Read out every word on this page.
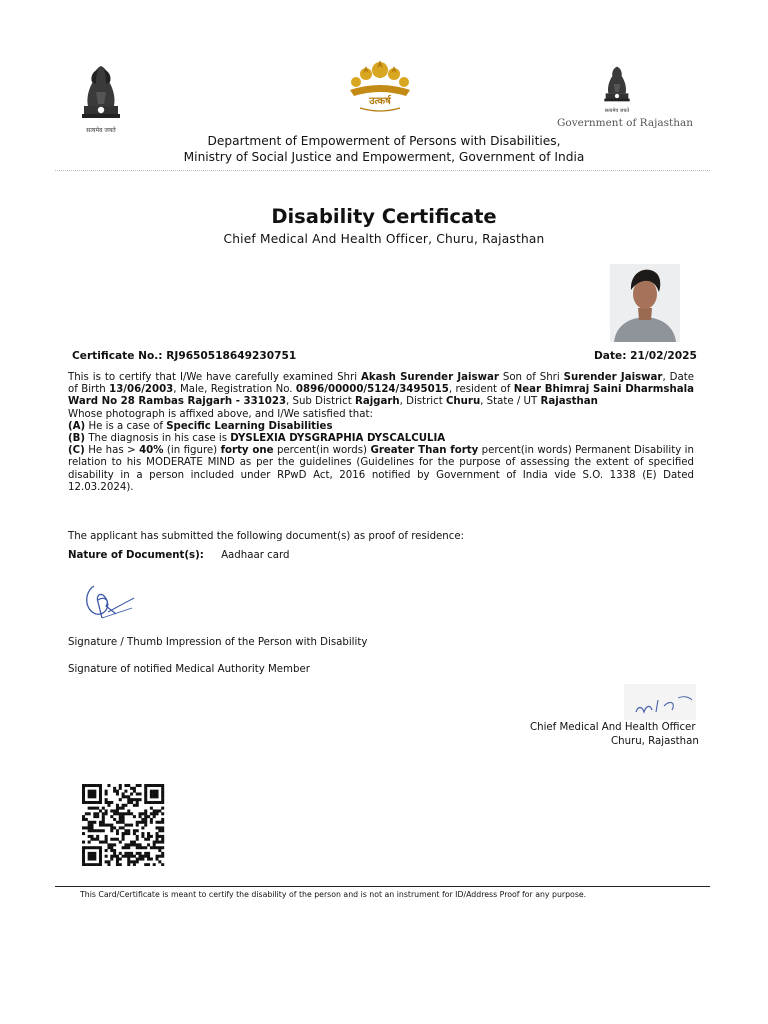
सत्यमेव जयते
उत्कर्ष
सत्यमेव जयते
Government of Rajasthan
Department of Empowerment of Persons with Disabilities,
Ministry of Social Justice and Empowerment, Government of India
Disability Certificate
Chief Medical And Health Officer, Churu, Rajasthan
Certificate No.: RJ9650518649230751	Date: 21/02/2025

This is to certify that I/We have carefully examined Shri Akash Surender Jaiswar Son of Shri Surender Jaiswar, Date of Birth 13/06/2003, Male, Registration No. 0896/00000/5124/3495015, resident of Near Bhimraj Saini Dharmshala Ward No 28 Rambas Rajgarh - 331023, Sub District Rajgarh, District Churu, State / UT Rajasthan

Whose photograph is affixed above, and I/We satisfied that:

(A) He is a case of Specific Learning Disabilities

(B) The diagnosis in his case is DYSLEXIA DYSGRAPHIA DYSCALCULIA

(C) He has > 40% (in figure) forty one percent(in words) Greater Than forty percent(in words) Permanent Disability in relation to his MODERATE MIND as per the guidelines (Guidelines for the purpose of assessing the extent of specified disability in a person included under RPwD Act, 2016 notified by Government of India vide S.O. 1338 (E) Dated 12.03.2024).

The applicant has submitted the following document(s) as proof of residence:
Nature of Document(s): Aadhaar card
Signature / Thumb Impression of the Person with Disability
Signature of notified Medical Authority Member
Chief Medical And Health Officer
Churu, Rajasthan
This Card/Certificate is meant to certify the disability of the person and is not an instrument for ID/Address Proof for any purpose.
